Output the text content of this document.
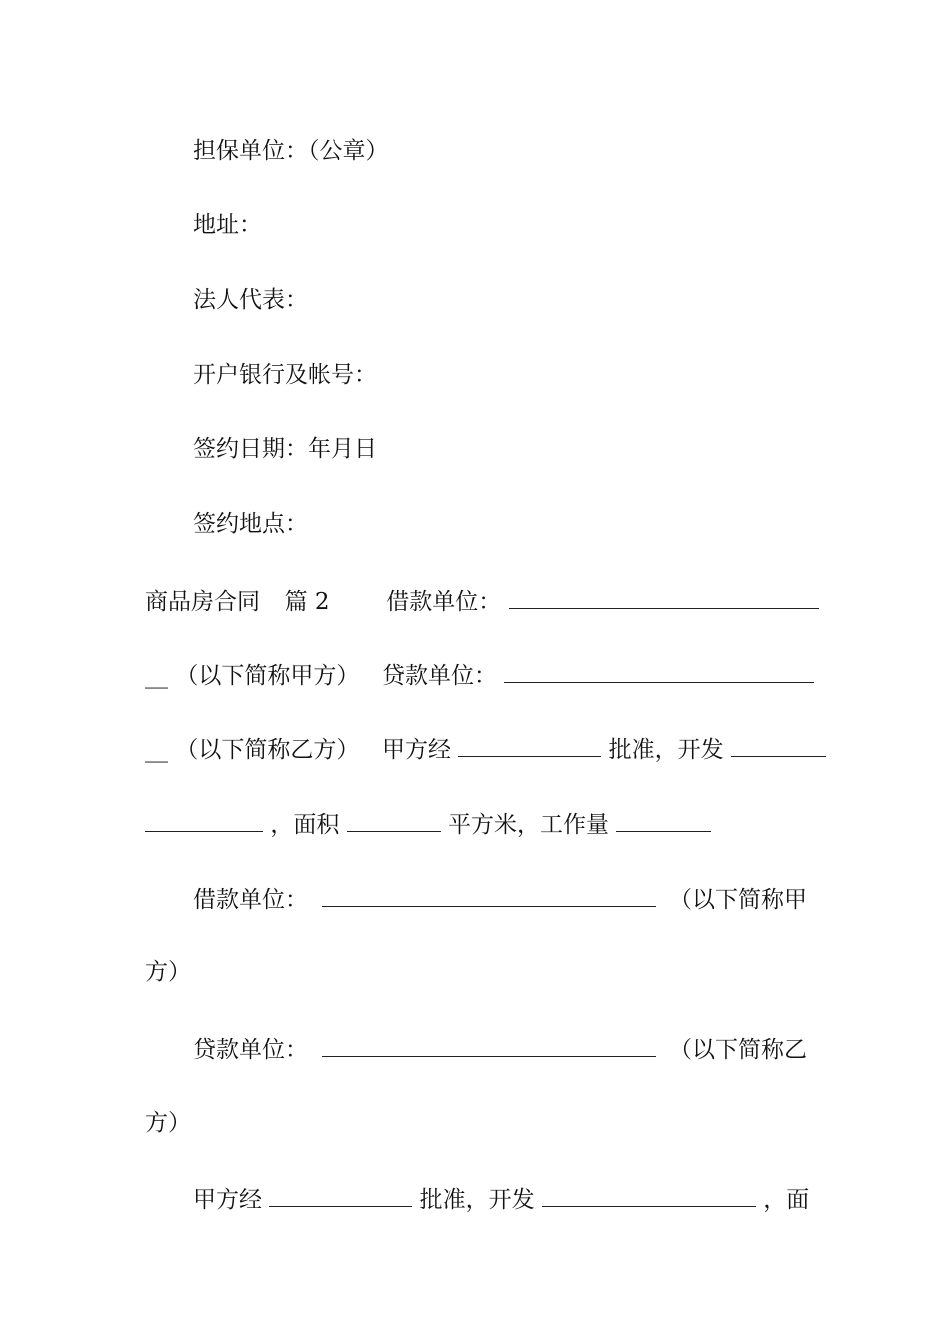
担保单位：（公章）
地址：
法人代表：
开户银行及帐号：
签约日期：年月日
签约地点：
商品房合同 篇 2 借款单位：
__ （以下简称甲方） 贷款单位：
__ （以下简称乙方） 甲方经	批准，开发
，面积	平方米，工作量
借款单位：	（以下简称甲
方）
贷款单位：	（以下简称乙
方）
甲方经	批准，开发	，面
